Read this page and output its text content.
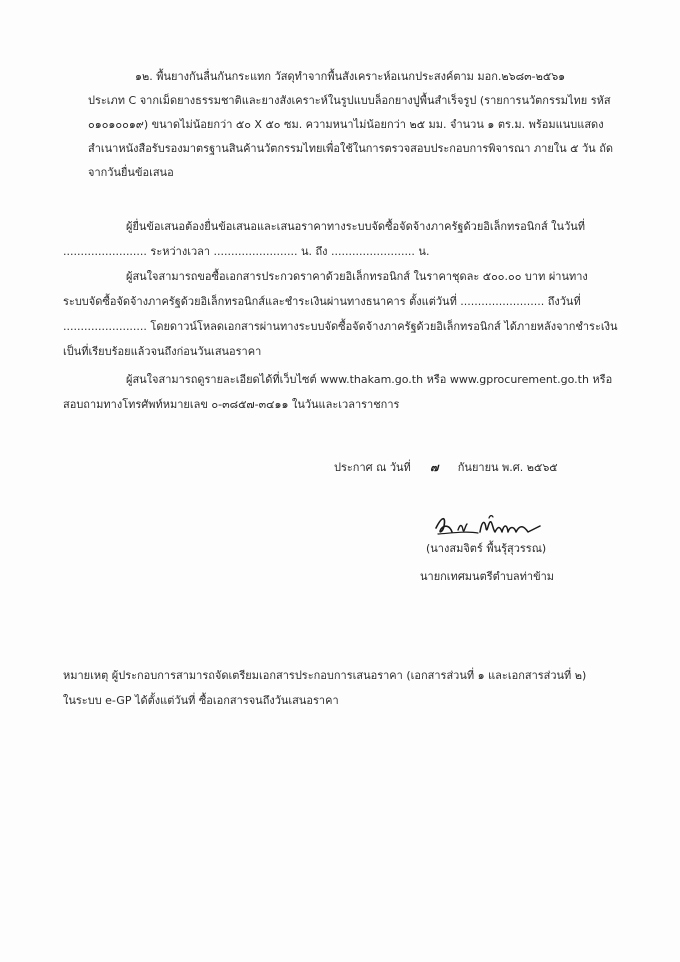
๑๒. พื้นยางกันลื่นกันกระแทก วัสดุทำจากพื้นสังเคราะห์อเนกประสงค์ตาม มอก.๒๖๘๓-๒๕๖๑
ประเภท C จากเม็ดยางธรรมชาติและยางสังเคราะห์ในรูปแบบล็อกยางปูพื้นสำเร็จรูป (รายการนวัตกรรมไทย รหัส
๐๑๐๑๐๐๑๙) ขนาดไม่น้อยกว่า ๕๐ X ๕๐ ซม. ความหนาไม่น้อยกว่า ๒๕ มม. จำนวน ๑ ตร.ม. พร้อมแนบแสดง
สำเนาหนังสือรับรองมาตรฐานสินค้านวัตกรรมไทยเพื่อใช้ในการตรวจสอบประกอบการพิจารณา ภายใน ๕ วัน ถัด
จากวันยื่นข้อเสนอ
ผู้ยื่นข้อเสนอต้องยื่นข้อเสนอและเสนอราคาทางระบบจัดซื้อจัดจ้างภาครัฐด้วยอิเล็กทรอนิกส์ ในวันที่
........................ ระหว่างเวลา ........................ น. ถึง ........................ น.
ผู้สนใจสามารถขอซื้อเอกสารประกวดราคาด้วยอิเล็กทรอนิกส์ ในราคาชุดละ ๕๐๐.๐๐ บาท ผ่านทาง
ระบบจัดซื้อจัดจ้างภาครัฐด้วยอิเล็กทรอนิกส์และชำระเงินผ่านทางธนาคาร ตั้งแต่วันที่ ........................ ถึงวันที่
........................ โดยดาวน์โหลดเอกสารผ่านทางระบบจัดซื้อจัดจ้างภาครัฐด้วยอิเล็กทรอนิกส์ ได้ภายหลังจากชำระเงิน
เป็นที่เรียบร้อยแล้วจนถึงก่อนวันเสนอราคา
ผู้สนใจสามารถดูรายละเอียดได้ที่เว็บไซต์ www.thakam.go.th หรือ www.gprocurement.go.th หรือ
สอบถามทางโทรศัพท์หมายเลข ๐-๓๘๕๗-๓๔๑๑ ในวันและเวลาราชการ
ประกาศ ณ วันที่ ๗ กันยายน พ.ศ. ๒๕๖๕
(นางสมจิตร์ พื้นรุ้สุวรรณ)
นายกเทศมนตรีตำบลท่าข้าม
หมายเหตุ ผู้ประกอบการสามารถจัดเตรียมเอกสารประกอบการเสนอราคา (เอกสารส่วนที่ ๑ และเอกสารส่วนที่ ๒)
ในระบบ e-GP ได้ตั้งแต่วันที่ ซื้อเอกสารจนถึงวันเสนอราคา
